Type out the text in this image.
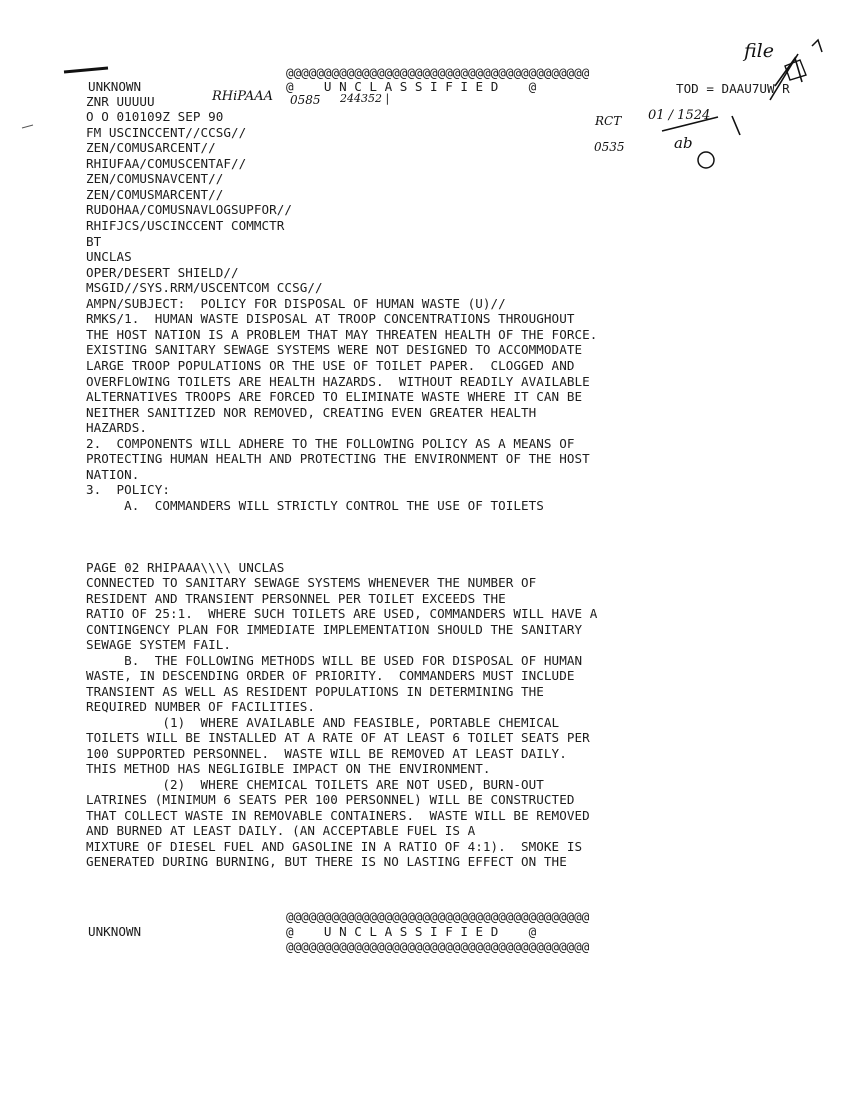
@@@@@@@@@@@@@@@@@@@@@@@@@@@@@@@@@@@@@@@@
UNKNOWN	@    U N C L A S S I F I E D    @	TOD = DAAU7UW R
RHiPAAA 0585 244352 |
file
01 / 1524
RCT
0535	ab
ZNR UUUUU
O O 010109Z SEP 90
FM USCINCCENT//CCSG//
ZEN/COMUSARCENT//
RHIUFAA/COMUSCENTAF//
ZEN/COMUSNAVCENT//
ZEN/COMUSMARCENT//
RUDOHAA/COMUSNAVLOGSUPFOR//
RHIFJCS/USCINCCENT COMMCTR
BT
UNCLAS
OPER/DESERT SHIELD//
MSGID//SYS.RRM/USCENTCOM CCSG//
AMPN/SUBJECT:  POLICY FOR DISPOSAL OF HUMAN WASTE (U)//
RMKS/1.  HUMAN WASTE DISPOSAL AT TROOP CONCENTRATIONS THROUGHOUT
THE HOST NATION IS A PROBLEM THAT MAY THREATEN HEALTH OF THE FORCE.
EXISTING SANITARY SEWAGE SYSTEMS WERE NOT DESIGNED TO ACCOMMODATE
LARGE TROOP POPULATIONS OR THE USE OF TOILET PAPER.  CLOGGED AND
OVERFLOWING TOILETS ARE HEALTH HAZARDS.  WITHOUT READILY AVAILABLE
ALTERNATIVES TROOPS ARE FORCED TO ELIMINATE WASTE WHERE IT CAN BE
NEITHER SANITIZED NOR REMOVED, CREATING EVEN GREATER HEALTH
HAZARDS.
2.  COMPONENTS WILL ADHERE TO THE FOLLOWING POLICY AS A MEANS OF
PROTECTING HUMAN HEALTH AND PROTECTING THE ENVIRONMENT OF THE HOST
NATION.
3.  POLICY:
A.  COMMANDERS WILL STRICTLY CONTROL THE USE OF TOILETS
PAGE 02 RHIPAAA\\\\ UNCLAS
CONNECTED TO SANITARY SEWAGE SYSTEMS WHENEVER THE NUMBER OF
RESIDENT AND TRANSIENT PERSONNEL PER TOILET EXCEEDS THE
RATIO OF 25:1.  WHERE SUCH TOILETS ARE USED, COMMANDERS WILL HAVE A
CONTINGENCY PLAN FOR IMMEDIATE IMPLEMENTATION SHOULD THE SANITARY
SEWAGE SYSTEM FAIL.
B.  THE FOLLOWING METHODS WILL BE USED FOR DISPOSAL OF HUMAN
WASTE, IN DESCENDING ORDER OF PRIORITY.  COMMANDERS MUST INCLUDE
TRANSIENT AS WELL AS RESIDENT POPULATIONS IN DETERMINING THE
REQUIRED NUMBER OF FACILITIES.
(1)  WHERE AVAILABLE AND FEASIBLE, PORTABLE CHEMICAL
TOILETS WILL BE INSTALLED AT A RATE OF AT LEAST 6 TOILET SEATS PER
100 SUPPORTED PERSONNEL.  WASTE WILL BE REMOVED AT LEAST DAILY.
THIS METHOD HAS NEGLIGIBLE IMPACT ON THE ENVIRONMENT.
(2)  WHERE CHEMICAL TOILETS ARE NOT USED, BURN-OUT
LATRINES (MINIMUM 6 SEATS PER 100 PERSONNEL) WILL BE CONSTRUCTED
THAT COLLECT WASTE IN REMOVABLE CONTAINERS.  WASTE WILL BE REMOVED
AND BURNED AT LEAST DAILY. (AN ACCEPTABLE FUEL IS A
MIXTURE OF DIESEL FUEL AND GASOLINE IN A RATIO OF 4:1).  SMOKE IS
GENERATED DURING BURNING, BUT THERE IS NO LASTING EFFECT ON THE
@@@@@@@@@@@@@@@@@@@@@@@@@@@@@@@@@@@@@@@@
UNKNOWN	@    U N C L A S S I F I E D    @
@@@@@@@@@@@@@@@@@@@@@@@@@@@@@@@@@@@@@@@@
